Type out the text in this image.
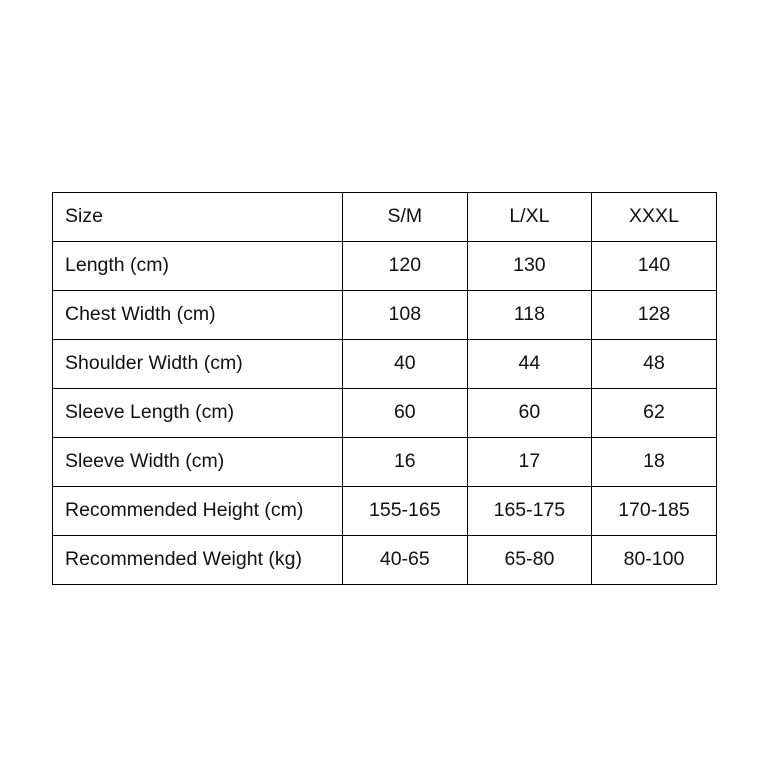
Size	S/M	L/XL	XXXL
Length (cm)	120	130	140
Chest Width (cm)	108	118	128
Shoulder Width (cm)	40	44	48
Sleeve Length (cm)	60	60	62
Sleeve Width (cm)	16	17	18
Recommended Height (cm)	155-165	165-175	170-185
Recommended Weight (kg)	40-65	65-80	80-100
